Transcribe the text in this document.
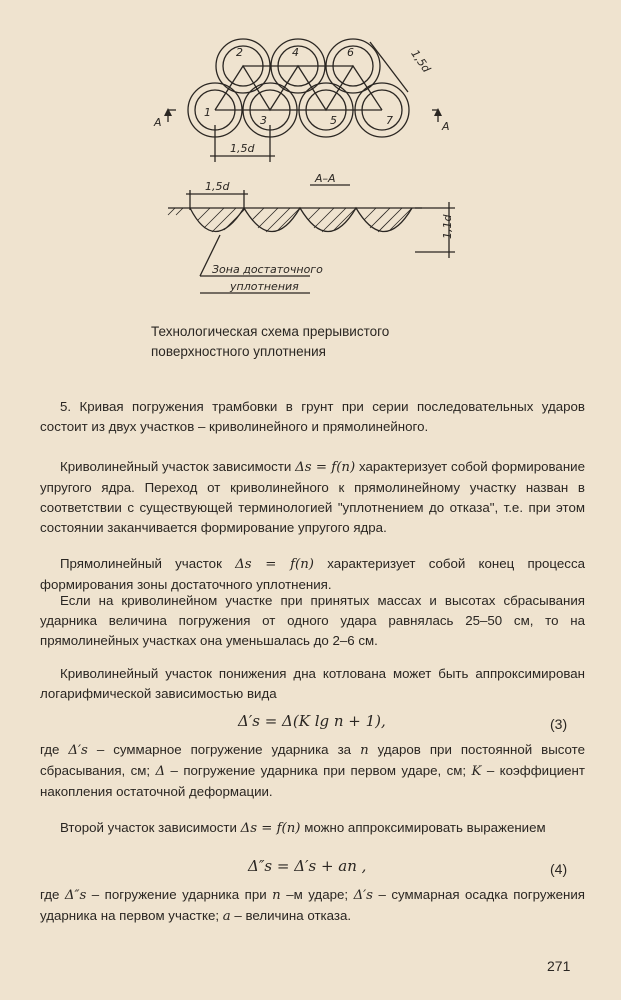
1
2
3
4
5
6
7
1,5d
1,5d
A	A
A–A
1,5d
1,1d
Зона достаточного
уплотнения
Технологическая схема прерывистого
поверхностного уплотнения
5. Кривая погружения трамбовки в грунт при серии последовательных ударов состоит из двух участков – криволинейного и прямолинейного.
Криволинейный участок зависимости Δs = f(n) характеризует собой формирование упругого ядра. Переход от криволинейного к прямолинейному участку назван в соответствии с существующей терминологией "уплотнением до отказа", т.е. при этом состоянии заканчивается формирование упругого ядра.
Прямолинейный участок Δs = f(n) характеризует собой конец процесса формирования зоны достаточного уплотнения.
Если на криволинейном участке при принятых массах и высотах сбрасывания ударника величина погружения от одного удара равнялась 25–50 см, то на прямолинейных участках она уменьшалась до 2–6 см.
Криволинейный участок понижения дна котлована может быть аппроксимирован логарифмической зависимостью вида
Δ′s = Δ(K lg n + 1),	(3)
где Δ′s – суммарное погружение ударника за n ударов при постоянной высоте сбрасывания, см; Δ – погружение ударника при первом ударе, см; K – коэффициент накопления остаточной деформации.
Второй участок зависимости Δs = f(n) можно аппроксимировать выражением
Δ″s = Δ′s + an ,	(4)
где Δ″s – погружение ударника при n –м ударе; Δ′s – суммарная осадка погружения ударника на первом участке; a – величина отказа.
271
